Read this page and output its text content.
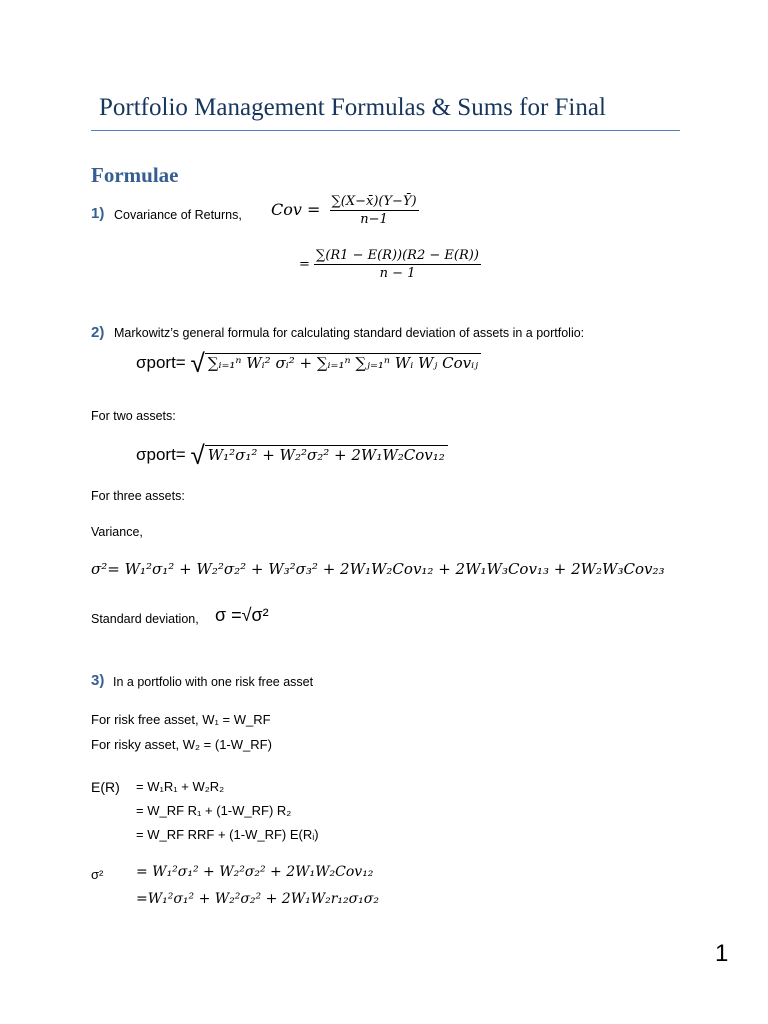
Portfolio Management Formulas & Sums for Final
Formulae
1) Covariance of Returns, Cov = $\frac{\sum(X-x̄)(Y-Ȳ)}{n-1}$
= $\frac{\sum(R1 - E(R))(R2 - E(R))}{n - 1}$
2) Markowitz’s general formula for calculating standard deviation of assets in a portfolio:
σport= √ ∑ᵢ₌₁ⁿ Wᵢ² σᵢ² + ∑ᵢ₌₁ⁿ ∑ⱼ₌₁ⁿ Wᵢ Wⱼ Covᵢⱼ
For two assets:
σport= √ W₁²σ₁² + W₂²σ₂² + 2W₁W₂Cov₁₂
For three assets:
Variance,
σ²= W₁²σ₁² + W₂²σ₂² + W₃²σ₃² + 2W₁W₂Cov₁₂ + 2W₁W₃Cov₁₃ + 2W₂W₃Cov₂₃
Standard deviation, σ =√σ²
3) In a portfolio with one risk free asset
For risk free asset, W₁ = W_RF
For risky asset, W₂ = (1-W_RF)
E(R) = W₁R₁ + W₂R₂
= W_RF R₁ + (1-W_RF) R₂
= W_RF RRF + (1-W_RF) E(Rᵢ)
σ² = W₁²σ₁² + W₂²σ₂² + 2W₁W₂Cov₁₂
=W₁²σ₁² + W₂²σ₂² + 2W₁W₂r₁₂σ₁σ₂
1
